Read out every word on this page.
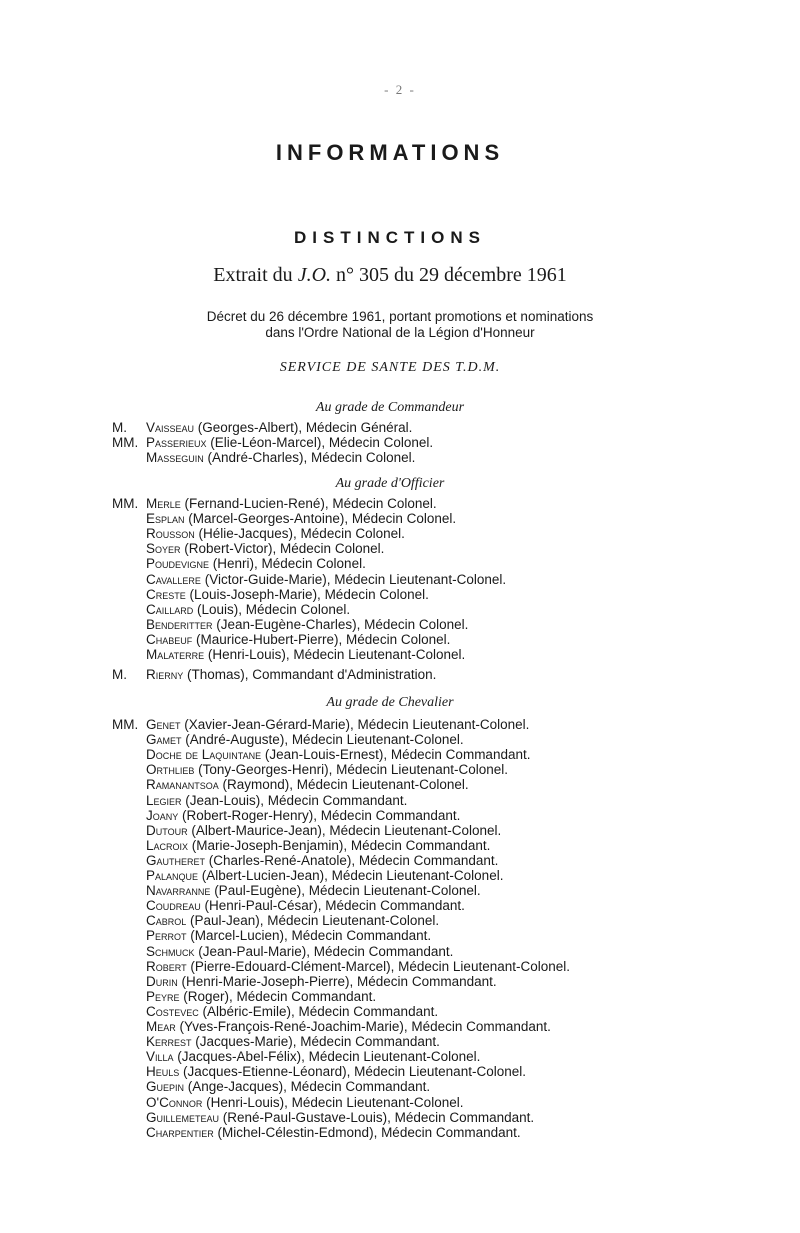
- 2 -
INFORMATIONS
DISTINCTIONS
Extrait du J.O. n° 305 du 29 décembre 1961
Décret du 26 décembre 1961, portant promotions et nominations
dans l'Ordre National de la Légion d'Honneur
SERVICE DE SANTE DES T.D.M.
Au grade de Commandeur
Au grade d'Officier
Au grade de Chevalier
M.
MM.
MM.
M.
MM.
Vaisseau (Georges-Albert), Médecin Général.
Passerieux (Elie-Léon-Marcel), Médecin Colonel.
Masseguin (André-Charles), Médecin Colonel.
Merle (Fernand-Lucien-René), Médecin Colonel.
Esplan (Marcel-Georges-Antoine), Médecin Colonel.
Rousson (Hélie-Jacques), Médecin Colonel.
Soyer (Robert-Victor), Médecin Colonel.
Poudevigne (Henri), Médecin Colonel.
Cavallere (Victor-Guide-Marie), Médecin Lieutenant-Colonel.
Creste (Louis-Joseph-Marie), Médecin Colonel.
Caillard (Louis), Médecin Colonel.
Benderitter (Jean-Eugène-Charles), Médecin Colonel.
Chabeuf (Maurice-Hubert-Pierre), Médecin Colonel.
Malaterre (Henri-Louis), Médecin Lieutenant-Colonel.
Rierny (Thomas), Commandant d'Administration.
Genet (Xavier-Jean-Gérard-Marie), Médecin Lieutenant-Colonel.
Gamet (André-Auguste), Médecin Lieutenant-Colonel.
Doche de Laquintane (Jean-Louis-Ernest), Médecin Commandant.
Orthlieb (Tony-Georges-Henri), Médecin Lieutenant-Colonel.
Ramanantsoa (Raymond), Médecin Lieutenant-Colonel.
Legier (Jean-Louis), Médecin Commandant.
Joany (Robert-Roger-Henry), Médecin Commandant.
Dutour (Albert-Maurice-Jean), Médecin Lieutenant-Colonel.
Lacroix (Marie-Joseph-Benjamin), Médecin Commandant.
Gautheret (Charles-René-Anatole), Médecin Commandant.
Palanque (Albert-Lucien-Jean), Médecin Lieutenant-Colonel.
Navarranne (Paul-Eugène), Médecin Lieutenant-Colonel.
Coudreau (Henri-Paul-César), Médecin Commandant.
Cabrol (Paul-Jean), Médecin Lieutenant-Colonel.
Perrot (Marcel-Lucien), Médecin Commandant.
Schmuck (Jean-Paul-Marie), Médecin Commandant.
Robert (Pierre-Edouard-Clément-Marcel), Médecin Lieutenant-Colonel.
Durin (Henri-Marie-Joseph-Pierre), Médecin Commandant.
Peyre (Roger), Médecin Commandant.
Costevec (Albéric-Emile), Médecin Commandant.
Mear (Yves-François-René-Joachim-Marie), Médecin Commandant.
Kerrest (Jacques-Marie), Médecin Commandant.
Villa (Jacques-Abel-Félix), Médecin Lieutenant-Colonel.
Heuls (Jacques-Etienne-Léonard), Médecin Lieutenant-Colonel.
Guepin (Ange-Jacques), Médecin Commandant.
O'Connor (Henri-Louis), Médecin Lieutenant-Colonel.
Guillemeteau (René-Paul-Gustave-Louis), Médecin Commandant.
Charpentier (Michel-Célestin-Edmond), Médecin Commandant.
